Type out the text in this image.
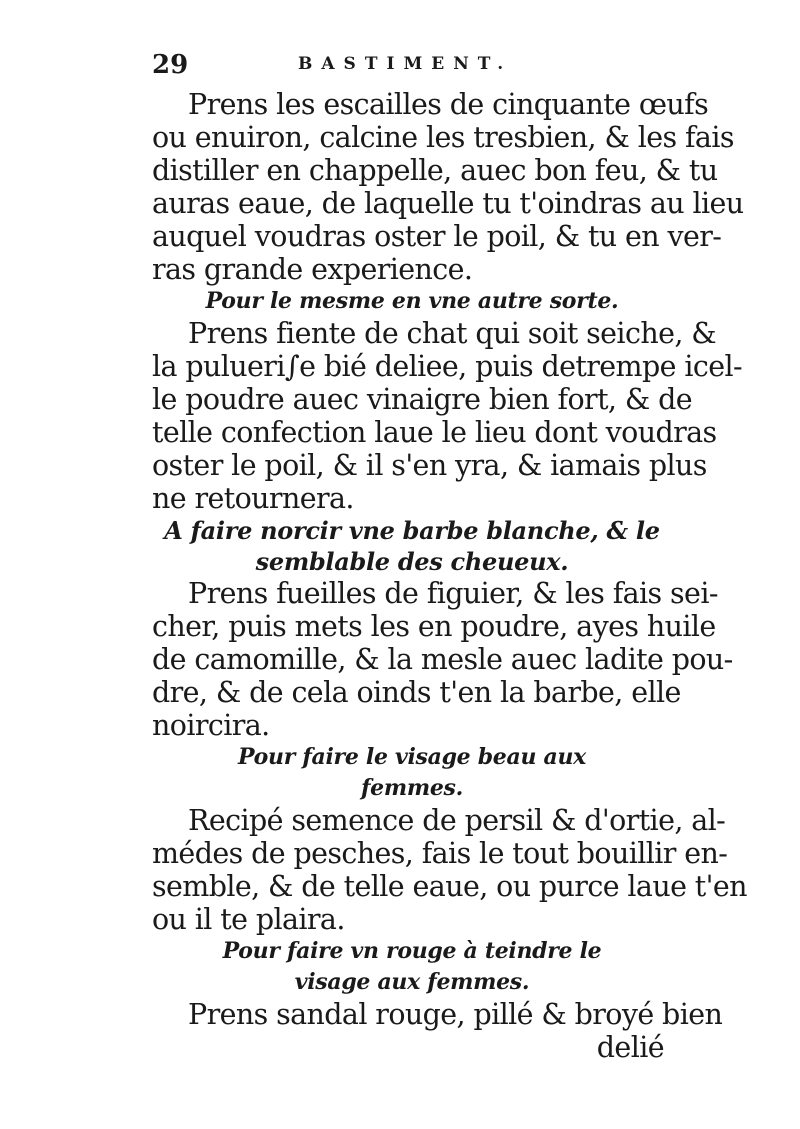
29	BASTIMENT.
Prens les escailles de cinquante œufs
ou enuiron, calcine les tresbien, & les fais
distiller en chappelle, auec bon feu, & tu
auras eaue, de laquelle tu t'oindras au lieu
auquel voudras oster le poil, & tu en ver-
ras grande experience.
Pour le mesme en vne autre sorte.
Prens fiente de chat qui soit seiche, &
la pulueri∫e bié deliee, puis detrempe icel-
le poudre auec vinaigre bien fort, & de
telle confection laue le lieu dont voudras
oster le poil, & il s'en yra, & iamais plus
ne retournera.
A faire norcir vne barbe blanche, & le
semblable des cheueux.
Prens fueilles de figuier, & les fais sei-
cher, puis mets les en poudre, ayes huile
de camomille, & la mesle auec ladite pou-
dre, & de cela oinds t'en la barbe, elle
noircira.
Pour faire le visage beau aux
femmes.
Recipé semence de persil & d'ortie, al-
médes de pesches, fais le tout bouillir en-
semble, & de telle eaue, ou purce laue t'en
ou il te plaira.
Pour faire vn rouge à teindre le
visage aux femmes.
Prens sandal rouge, pillé & broyé bien
delié
